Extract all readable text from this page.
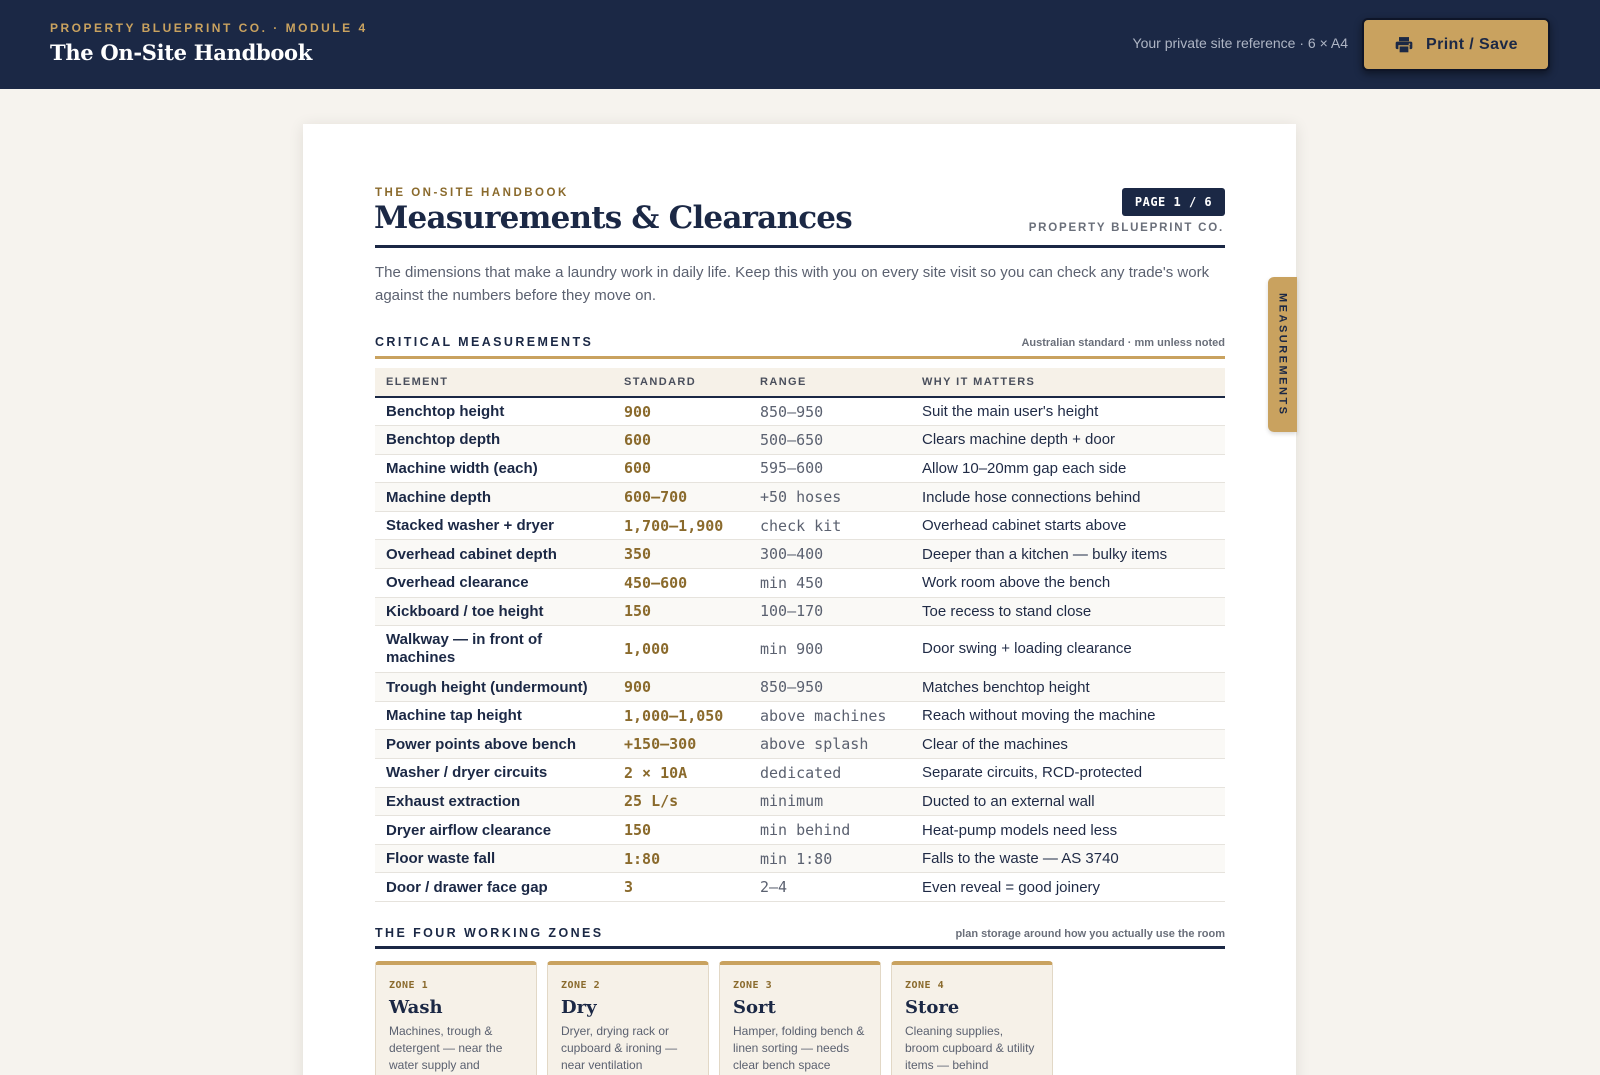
PROPERTY BLUEPRINT CO. · MODULE 4
The On-Site Handbook	Your private site reference · 6 × A4	Print / Save
MEASUREMENTS
THE ON-SITE HANDBOOK
Measurements & Clearances	PAGE 1 / 6
PROPERTY BLUEPRINT CO.
The dimensions that make a laundry work in daily life. Keep this with you on every site visit so you can check any trade's work against the numbers before they move on.
CRITICAL MEASUREMENTS	Australian standard · mm unless noted
ELEMENT	STANDARD	RANGE	WHY IT MATTERS
Benchtop height	900	850–950	Suit the main user's height
Benchtop depth	600	500–650	Clears machine depth + door
Machine width (each)	600	595–600	Allow 10–20mm gap each side
Machine depth	600–700	+50 hoses	Include hose connections behind
Stacked washer + dryer	1,700–1,900	check kit	Overhead cabinet starts above
Overhead cabinet depth	350	300–400	Deeper than a kitchen — bulky items
Overhead clearance	450–600	min 450	Work room above the bench
Kickboard / toe height	150	100–170	Toe recess to stand close
Walkway — in front of machines	1,000	min 900	Door swing + loading clearance
Trough height (undermount)	900	850–950	Matches benchtop height
Machine tap height	1,000–1,050	above machines	Reach without moving the machine
Power points above bench	+150–300	above splash	Clear of the machines
Washer / dryer circuits	2 × 10A	dedicated	Separate circuits, RCD-protected
Exhaust extraction	25 L/s	minimum	Ducted to an external wall
Dryer airflow clearance	150	min behind	Heat-pump models need less
Floor waste fall	1:80	min 1:80	Falls to the waste — AS 3740
Door / drawer face gap	3	2–4	Even reveal = good joinery
THE FOUR WORKING ZONES	plan storage around how you actually use the room
ZONE 1
Wash
Machines, trough & detergent — near the water supply and
ZONE 2
Dry
Dryer, drying rack or cupboard & ironing — near ventilation
ZONE 3
Sort
Hamper, folding bench & linen sorting — needs clear bench space
ZONE 4
Store
Cleaning supplies, broom cupboard & utility items — behind
